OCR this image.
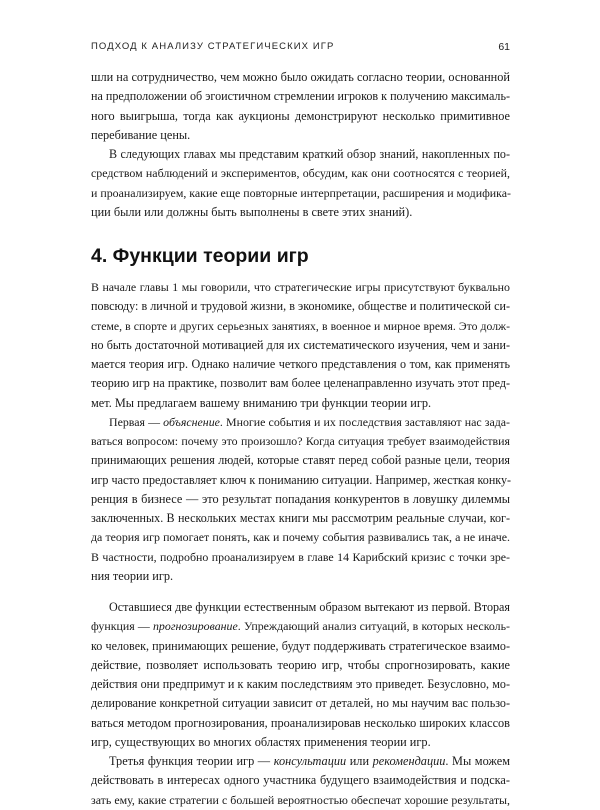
ПОДХОД К АНАЛИЗУ СТРАТЕГИЧЕСКИХ ИГР	61

шли на сотрудничество, чем можно было ожидать согласно теории, основанной
на предположении об эгоистичном стремлении игроков к получению максималь-
ного выигрыша, тогда как аукционы демонстрируют несколько примитивное
перебивание цены.

В следующих главах мы представим краткий обзор знаний, накопленных по-
средством наблюдений и экспериментов, обсудим, как они соотносятся с теорией,
и проанализируем, какие еще повторные интерпретации, расширения и модифика-
ции были или должны быть выполнены в свете этих знаний).

4. Функции теории игр

В начале главы 1 мы говорили, что стратегические игры присутствуют буквально
повсюду: в личной и трудовой жизни, в экономике, обществе и политической си-
стеме, в спорте и других серьезных занятиях, в военное и мирное время. Это долж-
но быть достаточной мотивацией для их систематического изучения, чем и зани-
мается теория игр. Однако наличие четкого представления о том, как применять
теорию игр на практике, позволит вам более целенаправленно изучать этот пред-
мет. Мы предлагаем вашему вниманию три функции теории игр.

Первая — объяснение. Многие события и их последствия заставляют нас зада-
ваться вопросом: почему это произошло? Когда ситуация требует взаимодействия
принимающих решения людей, которые ставят перед собой разные цели, теория
игр часто предоставляет ключ к пониманию ситуации. Например, жесткая конку-
ренция в бизнесе — это результат попадания конкурентов в ловушку дилеммы
заключенных. В нескольких местах книги мы рассмотрим реальные случаи, ког-
да теория игр помогает понять, как и почему события развивались так, а не иначе.
В частности, подробно проанализируем в главе 14 Карибский кризис с точки зре-
ния теории игр.

Оставшиеся две функции естественным образом вытекают из первой. Вторая
функция — прогнозирование. Упреждающий анализ ситуаций, в которых несколь-
ко человек, принимающих решение, будут поддерживать стратегическое взаимо-
действие, позволяет использовать теорию игр, чтобы спрогнозировать, какие
действия они предпримут и к каким последствиям это приведет. Безусловно, мо-
делирование конкретной ситуации зависит от деталей, но мы научим вас пользо-
ваться методом прогнозирования, проанализировав несколько широких классов
игр, существующих во многих областях применения теории игр.

Третья функция теории игр — консультации или рекомендации. Мы можем
действовать в интересах одного участника будущего взаимодействия и подска-
зать ему, какие стратегии с большей вероятностью обеспечат хорошие результаты,
